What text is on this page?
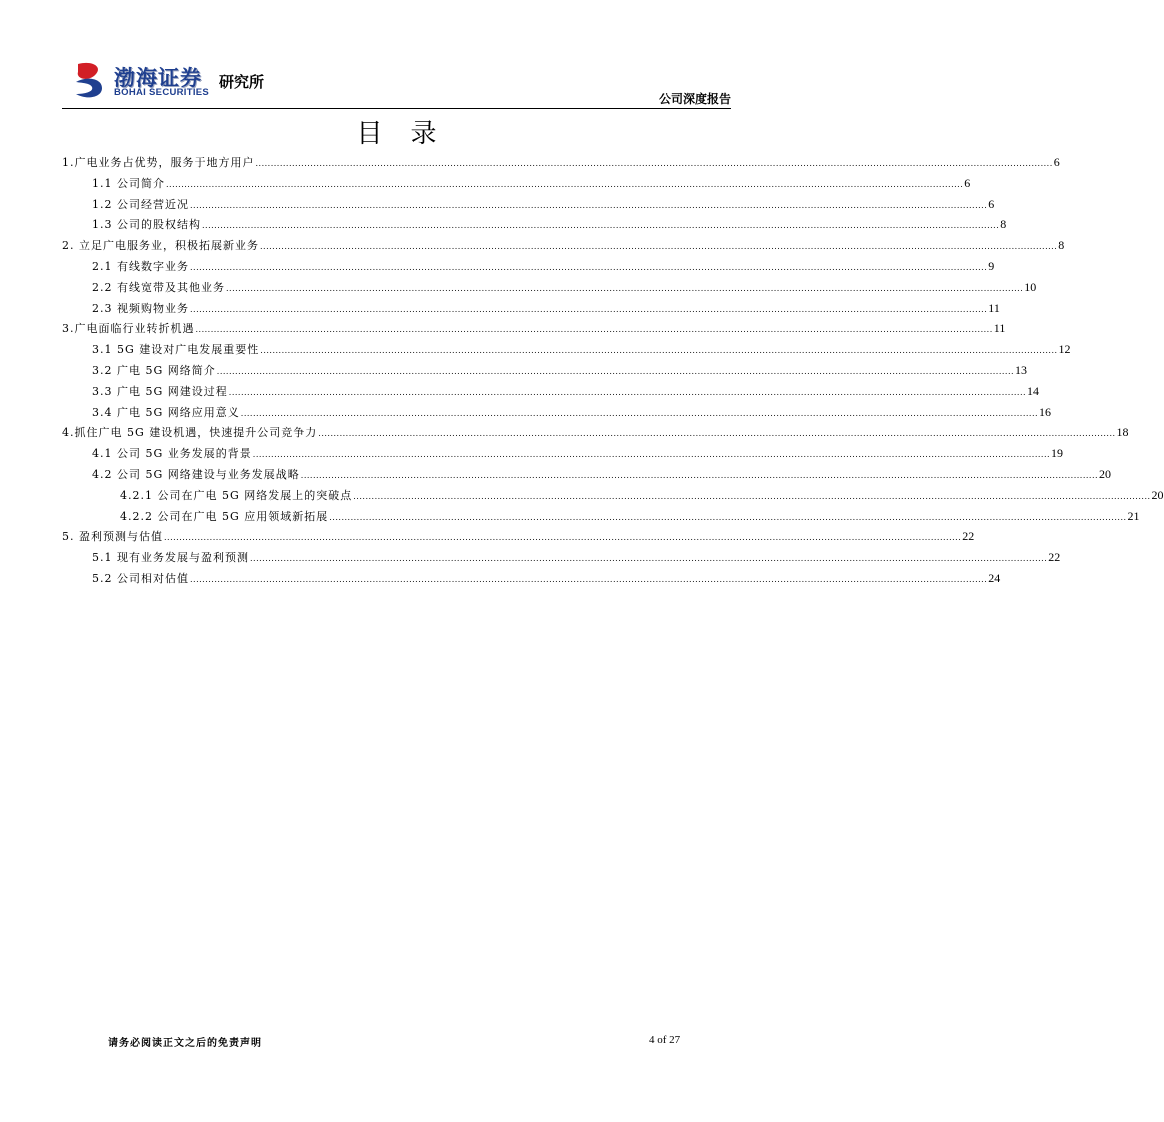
渤海证券
BOHAI SECURITIES
研究所
公司深度报告
目录
1.广电业务占优势，服务于地方用户 ...................................................................................................................................................................................................................................................................... 6
1.1 公司简介 ...................................................................................................................................................................................................................................................................... 6
1.2 公司经营近况 ...................................................................................................................................................................................................................................................................... 6
1.3 公司的股权结构 ...................................................................................................................................................................................................................................................................... 8
2. 立足广电服务业，积极拓展新业务 ...................................................................................................................................................................................................................................................................... 8
2.1 有线数字业务 ...................................................................................................................................................................................................................................................................... 9
2.2 有线宽带及其他业务 ...................................................................................................................................................................................................................................................................... 10
2.3 视频购物业务 ...................................................................................................................................................................................................................................................................... 11
3.广电面临行业转折机遇 ...................................................................................................................................................................................................................................................................... 11
3.1 5G 建设对广电发展重要性 ...................................................................................................................................................................................................................................................................... 12
3.2 广电 5G 网络简介 ...................................................................................................................................................................................................................................................................... 13
3.3 广电 5G 网建设过程 ...................................................................................................................................................................................................................................................................... 14
3.4 广电 5G 网络应用意义 ...................................................................................................................................................................................................................................................................... 16
4.抓住广电 5G 建设机遇，快速提升公司竞争力 ...................................................................................................................................................................................................................................................................... 18
4.1 公司 5G 业务发展的背景 ...................................................................................................................................................................................................................................................................... 19
4.2 公司 5G 网络建设与业务发展战略 ...................................................................................................................................................................................................................................................................... 20
4.2.1 公司在广电 5G 网络发展上的突破点 ...................................................................................................................................................................................................................................................................... 20
4.2.2 公司在广电 5G 应用领域新拓展 ...................................................................................................................................................................................................................................................................... 21
5. 盈利预测与估值 ...................................................................................................................................................................................................................................................................... 22
5.1 现有业务发展与盈利预测 ...................................................................................................................................................................................................................................................................... 22
5.2 公司相对估值 ...................................................................................................................................................................................................................................................................... 24
请务必阅读正文之后的免责声明	4 of 27
